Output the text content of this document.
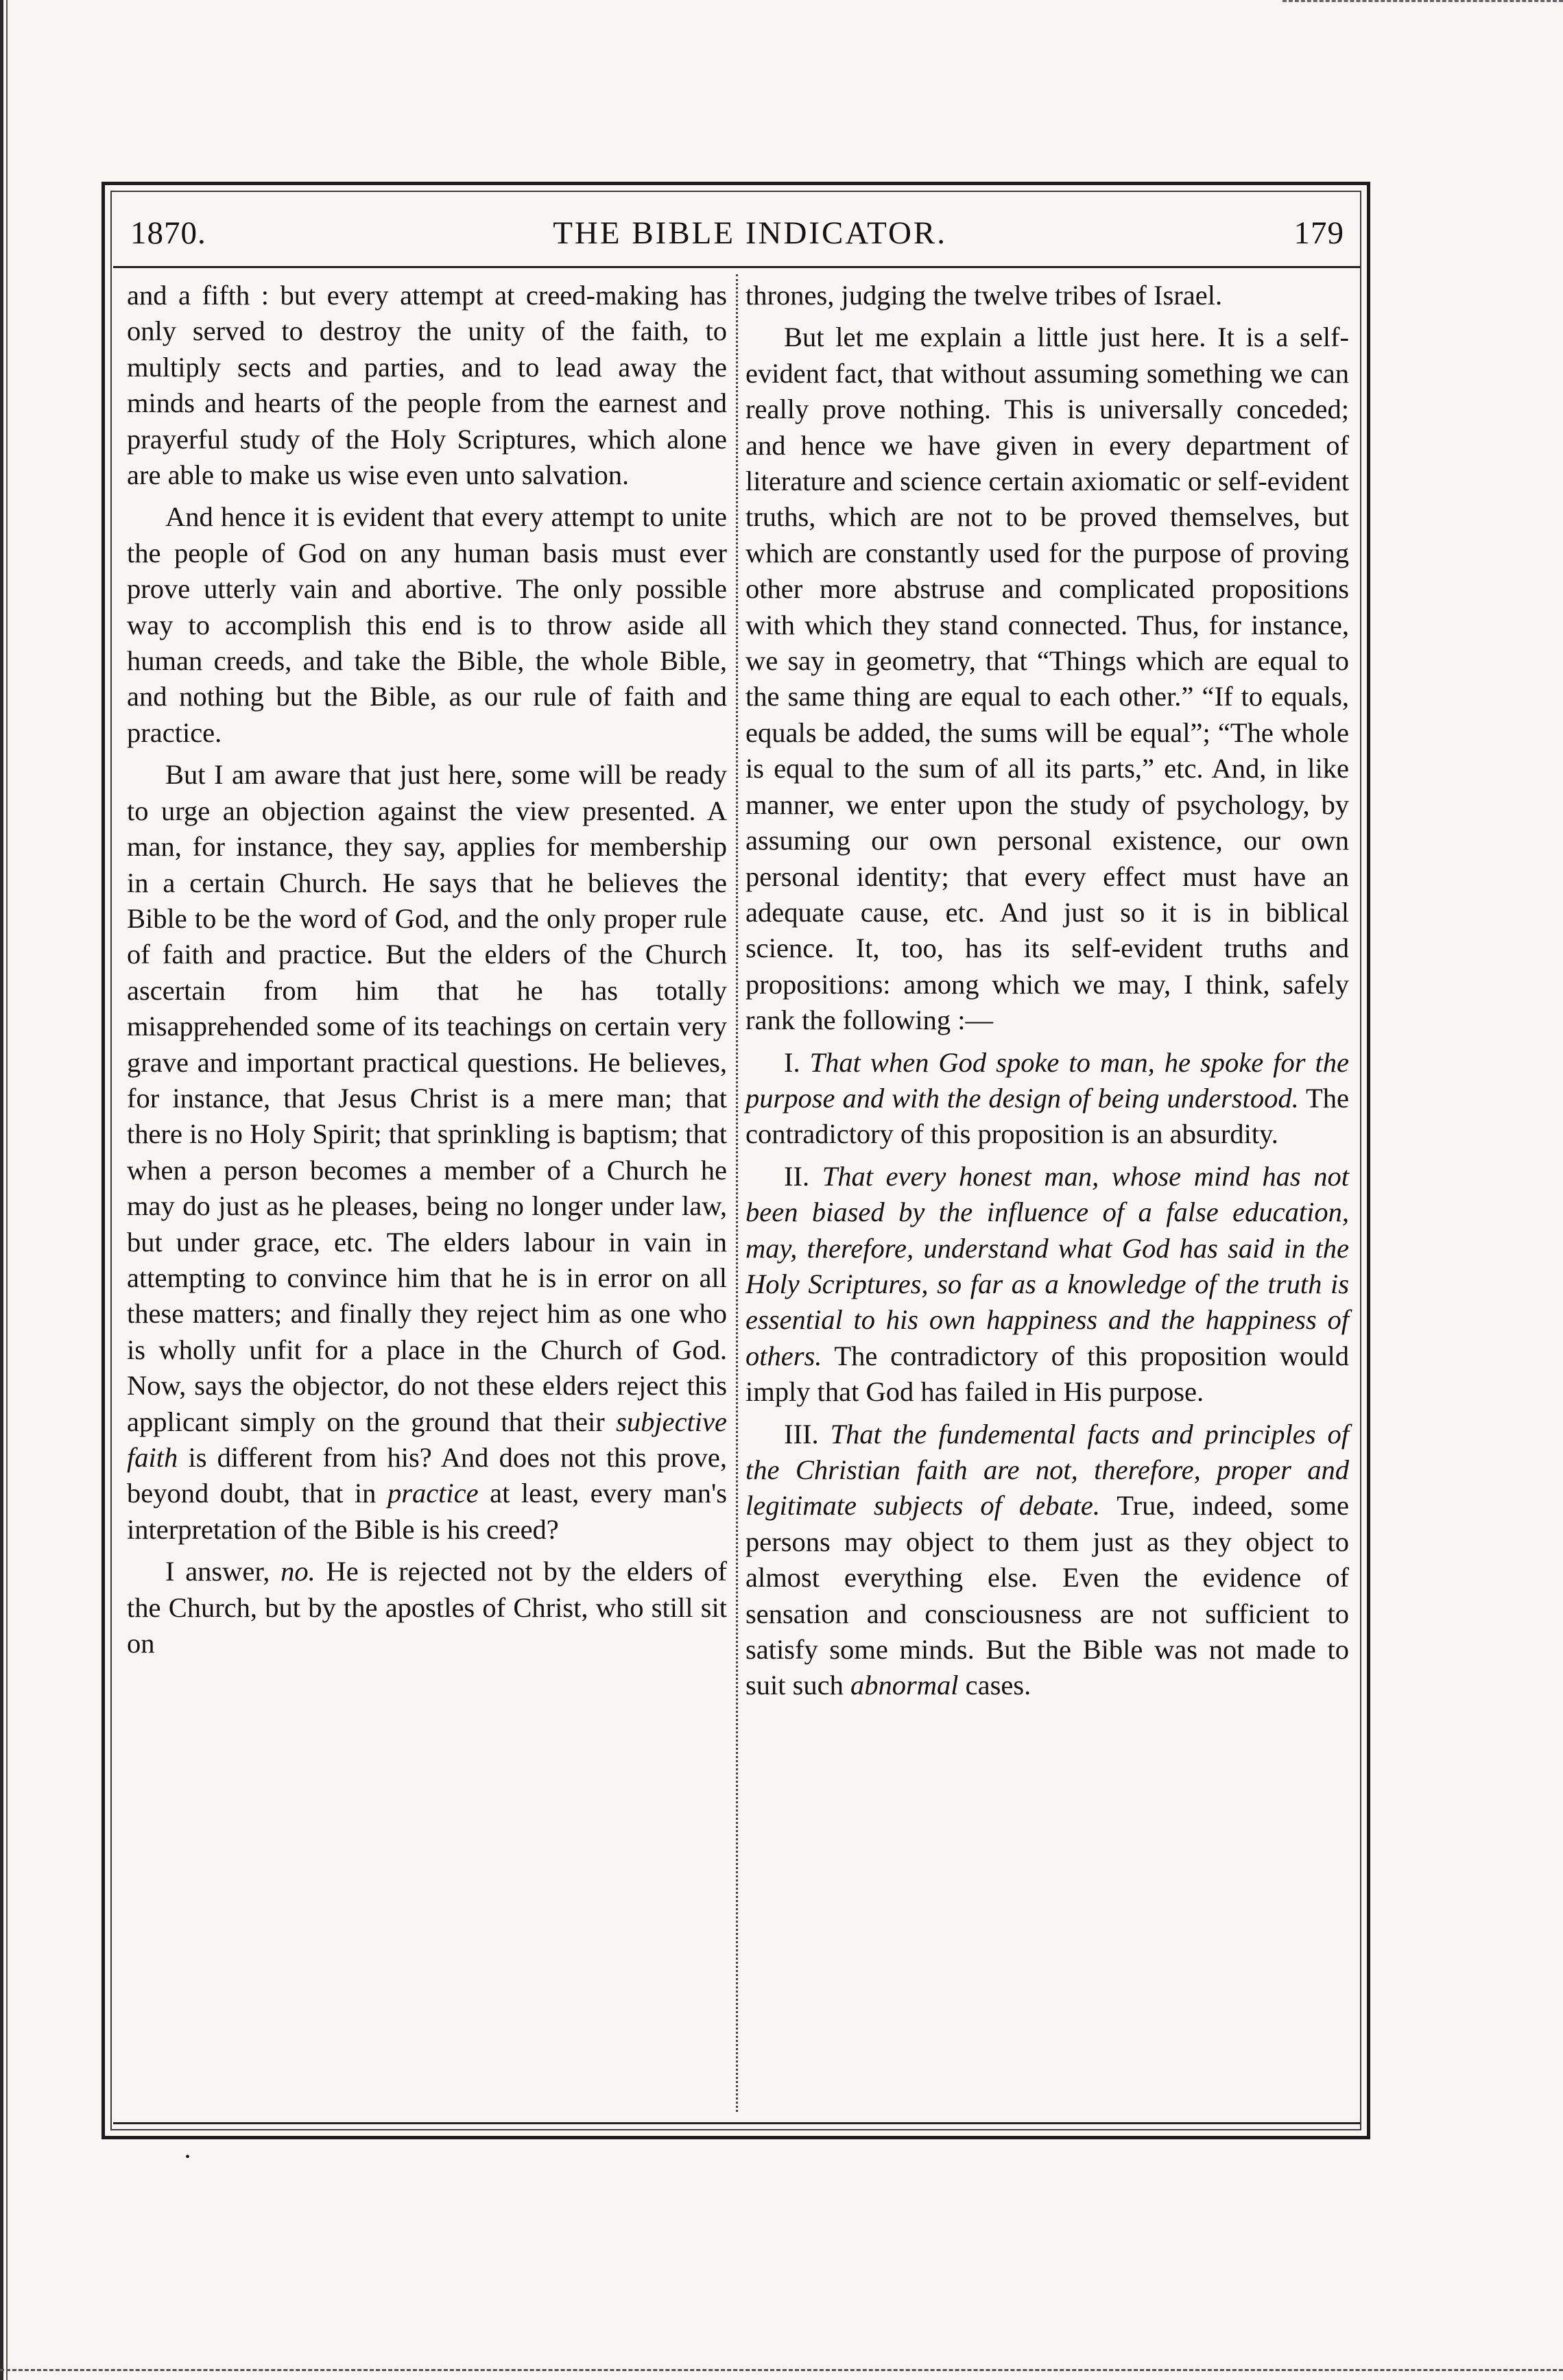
1870.	THE BIBLE INDICATOR.	179

and a fifth : but every attempt at creed-making has only served to destroy the unity of the faith, to multiply sects and parties, and to lead away the minds and hearts of the people from the earnest and prayerful study of the Holy Scriptures, which alone are able to make us wise even unto salvation.

And hence it is evident that every attempt to unite the people of God on any human basis must ever prove utterly vain and abortive. The only possible way to accomplish this end is to throw aside all human creeds, and take the Bible, the whole Bible, and nothing but the Bible, as our rule of faith and practice.

But I am aware that just here, some will be ready to urge an objection against the view presented. A man, for instance, they say, applies for membership in a certain Church. He says that he believes the Bible to be the word of God, and the only proper rule of faith and practice. But the elders of the Church ascertain from him that he has totally misapprehended some of its teachings on certain very grave and important practical questions. He believes, for instance, that Jesus Christ is a mere man; that there is no Holy Spirit; that sprinkling is baptism; that when a person becomes a member of a Church he may do just as he pleases, being no longer under law, but under grace, etc. The elders labour in vain in attempting to convince him that he is in error on all these matters; and finally they reject him as one who is wholly unfit for a place in the Church of God. Now, says the objector, do not these elders reject this applicant simply on the ground that their subjective faith is different from his? And does not this prove, beyond doubt, that in practice at least, every man's interpretation of the Bible is his creed?

I answer, no. He is rejected not by the elders of the Church, but by the apostles of Christ, who still sit on

thrones, judging the twelve tribes of Israel.

But let me explain a little just here. It is a self-evident fact, that without assuming something we can really prove nothing. This is universally conceded; and hence we have given in every department of literature and science certain axiomatic or self-evident truths, which are not to be proved themselves, but which are constantly used for the purpose of proving other more abstruse and complicated propositions with which they stand connected. Thus, for instance, we say in geometry, that “Things which are equal to the same thing are equal to each other.” “If to equals, equals be added, the sums will be equal”; “The whole is equal to the sum of all its parts,” etc. And, in like manner, we enter upon the study of psychology, by assuming our own personal existence, our own personal identity; that every effect must have an adequate cause, etc. And just so it is in biblical science. It, too, has its self-evident truths and propositions: among which we may, I think, safely rank the following :—

I. That when God spoke to man, he spoke for the purpose and with the design of being understood. The contradictory of this proposition is an absurdity.

II. That every honest man, whose mind has not been biased by the influence of a false education, may, therefore, understand what God has said in the Holy Scriptures, so far as a knowledge of the truth is essential to his own happiness and the happiness of others. The contradictory of this proposition would imply that God has failed in His purpose.

III. That the fundemental facts and principles of the Christian faith are not, therefore, proper and legitimate subjects of debate. True, indeed, some persons may object to them just as they object to almost everything else. Even the evidence of sensation and consciousness are not sufficient to satisfy some minds. But the Bible was not made to suit such abnormal cases.

•
